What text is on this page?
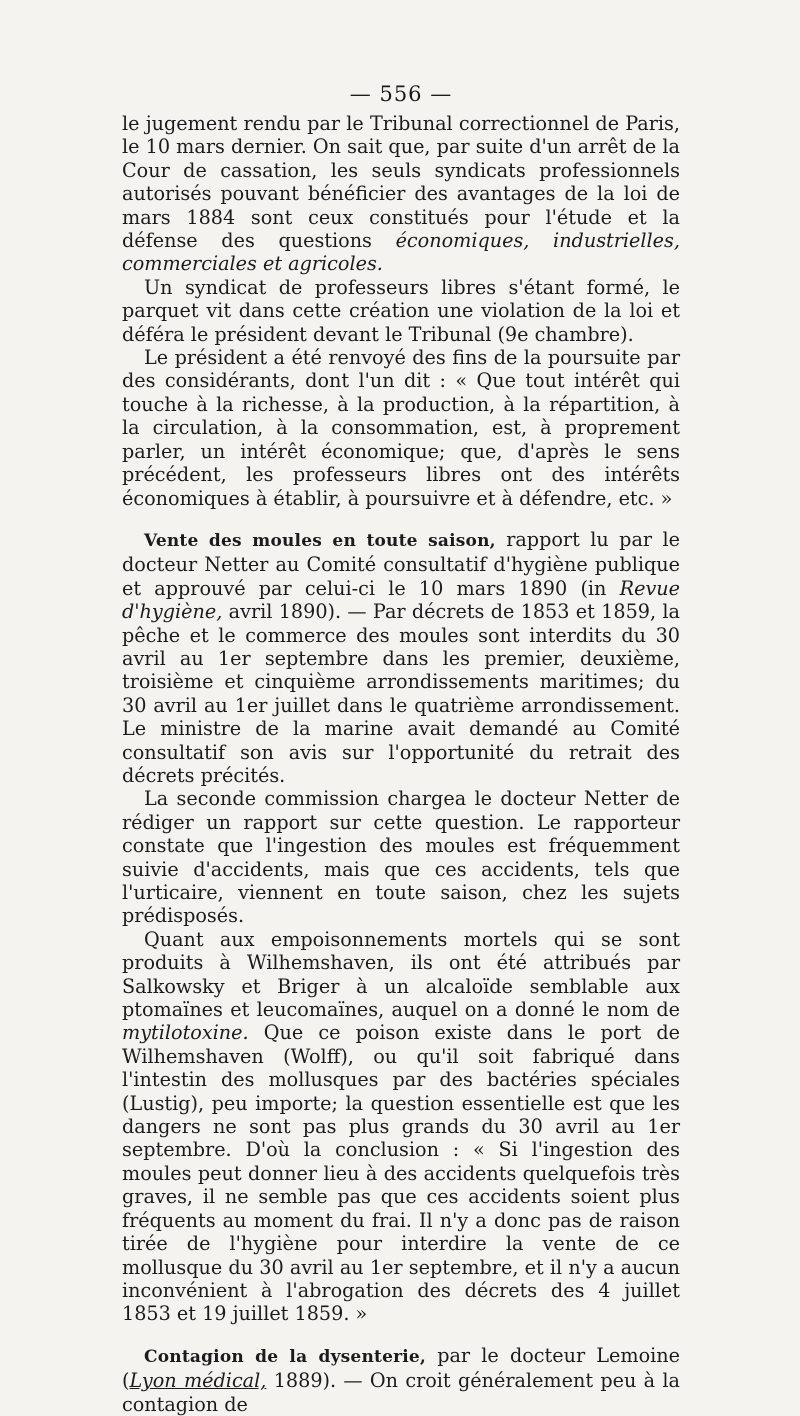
— 556 —

le jugement rendu par le Tribunal correctionnel de Paris, le 10 mars dernier. On sait que, par suite d'un arrêt de la Cour de cassation, les seuls syndicats professionnels autorisés pouvant bénéficier des avantages de la loi de mars 1884 sont ceux constitués pour l'étude et la défense des questions économiques, industrielles, commerciales et agricoles.

Un syndicat de professeurs libres s'étant formé, le parquet vit dans cette création une violation de la loi et déféra le président devant le Tribunal (9e chambre).

Le président a été renvoyé des fins de la poursuite par des considérants, dont l'un dit : « Que tout intérêt qui touche à la richesse, à la production, à la répartition, à la circulation, à la consommation, est, à proprement parler, un intérêt économique; que, d'après le sens précédent, les professeurs libres ont des intérêts économiques à établir, à poursuivre et à défendre, etc. »

Vente des moules en toute saison, rapport lu par le docteur Netter au Comité consultatif d'hygiène publique et approuvé par celui-ci le 10 mars 1890 (in Revue d'hygiène, avril 1890). — Par décrets de 1853 et 1859, la pêche et le commerce des moules sont interdits du 30 avril au 1er septembre dans les premier, deuxième, troisième et cinquième arrondissements maritimes; du 30 avril au 1er juillet dans le quatrième arrondissement. Le ministre de la marine avait demandé au Comité consultatif son avis sur l'opportunité du retrait des décrets précités.

La seconde commission chargea le docteur Netter de rédiger un rapport sur cette question. Le rapporteur constate que l'ingestion des moules est fréquemment suivie d'accidents, mais que ces accidents, tels que l'urticaire, viennent en toute saison, chez les sujets prédisposés.

Quant aux empoisonnements mortels qui se sont produits à Wilhemshaven, ils ont été attribués par Salkowsky et Briger à un alcaloïde semblable aux ptomaïnes et leucomaïnes, auquel on a donné le nom de mytilotoxine. Que ce poison existe dans le port de Wilhemshaven (Wolff), ou qu'il soit fabriqué dans l'intestin des mollusques par des bactéries spéciales (Lustig), peu importe; la question essentielle est que les dangers ne sont pas plus grands du 30 avril au 1er septembre. D'où la conclusion : « Si l'ingestion des moules peut donner lieu à des accidents quelquefois très graves, il ne semble pas que ces accidents soient plus fréquents au moment du frai. Il n'y a donc pas de raison tirée de l'hygiène pour interdire la vente de ce mollusque du 30 avril au 1er septembre, et il n'y a aucun inconvénient à l'abrogation des décrets des 4 juillet 1853 et 19 juillet 1859. »

Contagion de la dysenterie, par le docteur Lemoine (Lyon médical, 1889). — On croit généralement peu à la contagion de
